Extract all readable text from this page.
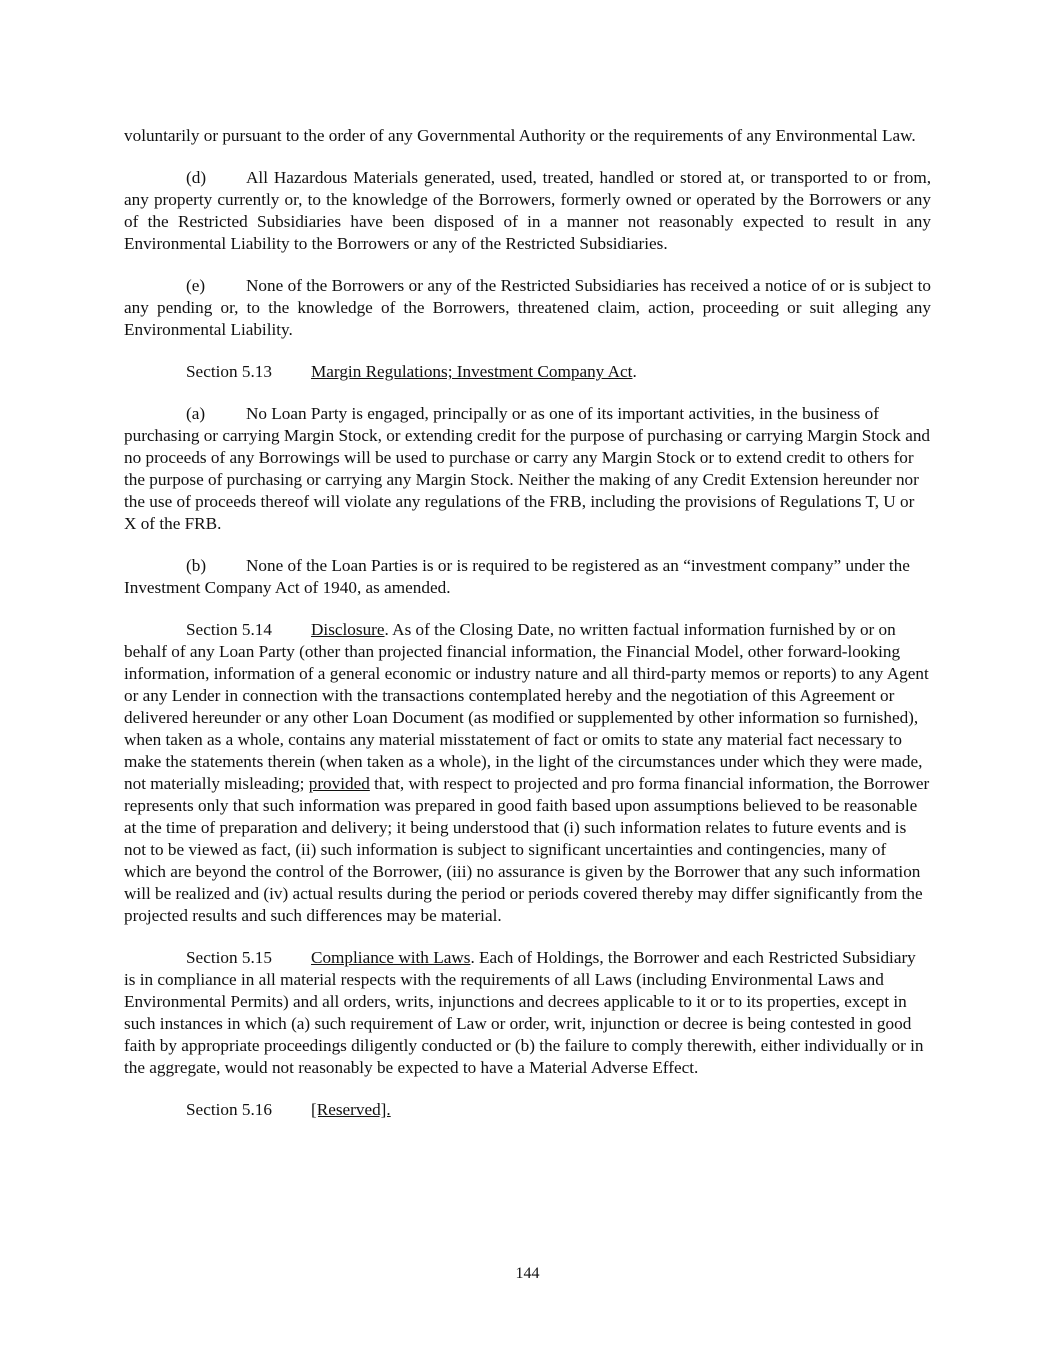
voluntarily or pursuant to the order of any Governmental Authority or the requirements of any Environmental Law.

(d) All Hazardous Materials generated, used, treated, handled or stored at, or transported to or from, any property currently or, to the knowledge of the Borrowers, formerly owned or operated by the Borrowers or any of the Restricted Subsidiaries have been disposed of in a manner not reasonably expected to result in any Environmental Liability to the Borrowers or any of the Restricted Subsidiaries.

(e) None of the Borrowers or any of the Restricted Subsidiaries has received a notice of or is subject to any pending or, to the knowledge of the Borrowers, threatened claim, action, proceeding or suit alleging any Environmental Liability.

Section 5.13 Margin Regulations; Investment Company Act.

(a) No Loan Party is engaged, principally or as one of its important activities, in the business of purchasing or carrying Margin Stock, or extending credit for the purpose of purchasing or carrying Margin Stock and no proceeds of any Borrowings will be used to purchase or carry any Margin Stock or to extend credit to others for the purpose of purchasing or carrying any Margin Stock. Neither the making of any Credit Extension hereunder nor the use of proceeds thereof will violate any regulations of the FRB, including the provisions of Regulations T, U or X of the FRB.

(b) None of the Loan Parties is or is required to be registered as an “investment company” under the Investment Company Act of 1940, as amended.

Section 5.14 Disclosure. As of the Closing Date, no written factual information furnished by or on behalf of any Loan Party (other than projected financial information, the Financial Model, other forward-looking information, information of a general economic or industry nature and all third-party memos or reports) to any Agent or any Lender in connection with the transactions contemplated hereby and the negotiation of this Agreement or delivered hereunder or any other Loan Document (as modified or supplemented by other information so furnished), when taken as a whole, contains any material misstatement of fact or omits to state any material fact necessary to make the statements therein (when taken as a whole), in the light of the circumstances under which they were made, not materially misleading; provided that, with respect to projected and pro forma financial information, the Borrower represents only that such information was prepared in good faith based upon assumptions believed to be reasonable at the time of preparation and delivery; it being understood that (i) such information relates to future events and is not to be viewed as fact, (ii) such information is subject to significant uncertainties and contingencies, many of which are beyond the control of the Borrower, (iii) no assurance is given by the Borrower that any such information will be realized and (iv) actual results during the period or periods covered thereby may differ significantly from the projected results and such differences may be material.

Section 5.15 Compliance with Laws. Each of Holdings, the Borrower and each Restricted Subsidiary is in compliance in all material respects with the requirements of all Laws (including Environmental Laws and Environmental Permits) and all orders, writs, injunctions and decrees applicable to it or to its properties, except in such instances in which (a) such requirement of Law or order, writ, injunction or decree is being contested in good faith by appropriate proceedings diligently conducted or (b) the failure to comply therewith, either individually or in the aggregate, would not reasonably be expected to have a Material Adverse Effect.

Section 5.16 [Reserved].

144
